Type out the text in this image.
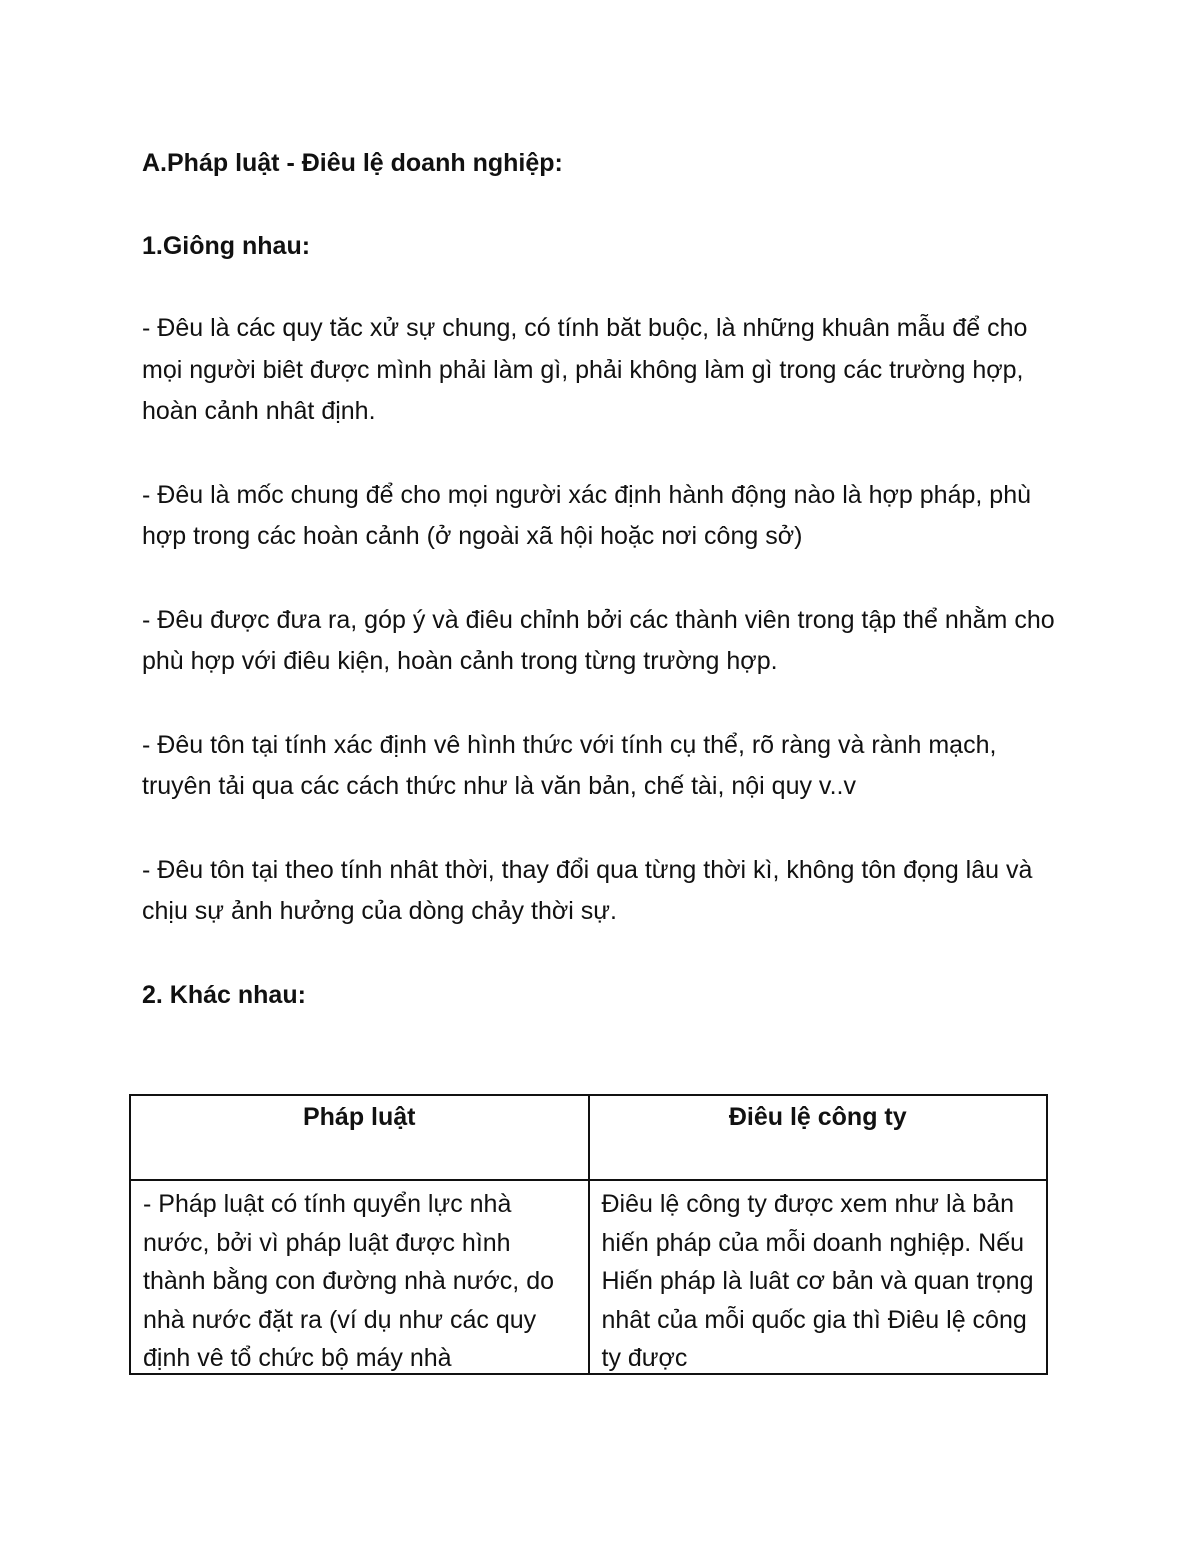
A.Pháp luật - Điêu lệ doanh nghiệp:

1.Giông nhau:

- Đêu là các quy tăc xử sự chung, có tính băt buộc, là những khuân mẫu để cho mọi người biêt được mình phải làm gì, phải không làm gì trong các trường hợp, hoàn cảnh nhât định.

- Đêu là mốc chung để cho mọi người xác định hành động nào là hợp pháp, phù hợp trong các hoàn cảnh (ở ngoài xã hội hoặc nơi công sở)

- Đêu được đưa ra, góp ý và điêu chỉnh bởi các thành viên trong tập thể nhằm cho phù hợp với điêu kiện, hoàn cảnh trong từng trường hợp.

- Đêu tôn tại tính xác định vê hình thức với tính cụ thể, rõ ràng và rành mạch, truyên tải qua các cách thức như là văn bản, chế tài, nội quy v..v

- Đêu tôn tại theo tính nhât thời, thay đổi qua từng thời kì, không tôn đọng lâu và chịu sự ảnh hưởng của dòng chảy thời sự.

2. Khác nhau:

Pháp luật	Điêu lệ công ty
- Pháp luật có tính quyển lực nhà nước, bởi vì pháp luật được hình thành bằng con đường nhà nước, do nhà nước đặt ra (ví dụ như các quy định vê tổ chức bộ máy nhà	Điêu lệ công ty được xem như là bản hiến pháp của mỗi doanh nghiệp. Nếu Hiến pháp là luât cơ bản và quan trọng nhât của mỗi quốc gia thì Điêu lệ công ty được
